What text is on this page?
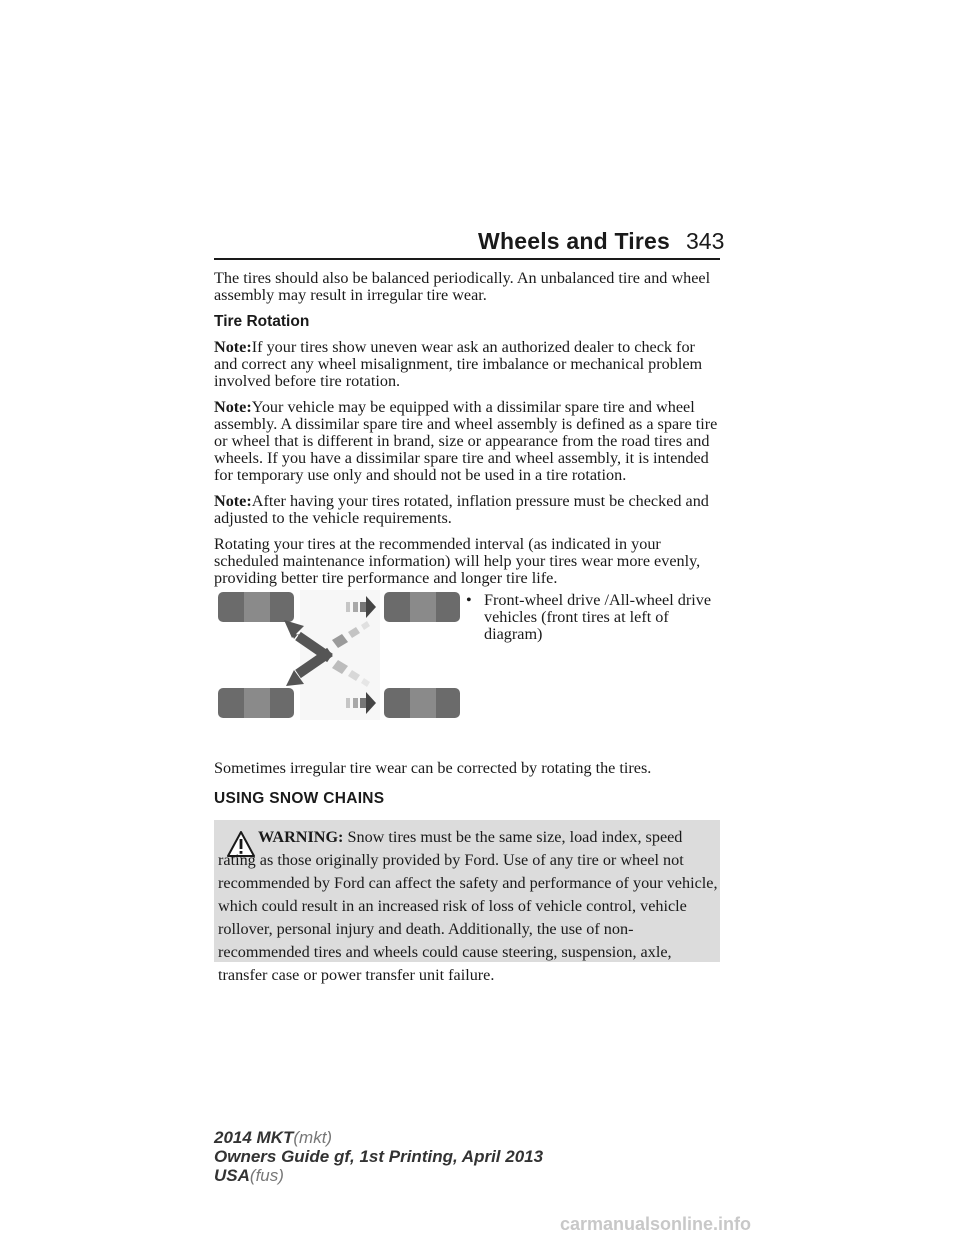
Wheels and Tires 343

The tires should also be balanced periodically. An unbalanced tire and wheel assembly may result in irregular tire wear.

Tire Rotation

Note:If your tires show uneven wear ask an authorized dealer to check for and correct any wheel misalignment, tire imbalance or mechanical problem involved before tire rotation.

Note:Your vehicle may be equipped with a dissimilar spare tire and wheel assembly. A dissimilar spare tire and wheel assembly is defined as a spare tire or wheel that is different in brand, size or appearance from the road tires and wheels. If you have a dissimilar spare tire and wheel assembly, it is intended for temporary use only and should not be used in a tire rotation.

Note:After having your tires rotated, inflation pressure must be checked and adjusted to the vehicle requirements.

Rotating your tires at the recommended interval (as indicated in your scheduled maintenance information) will help your tires wear more evenly, providing better tire performance and longer tire life.

• Front-wheel drive /All-wheel drive vehicles (front tires at left of diagram)
Sometimes irregular tire wear can be corrected by rotating the tires.
WARNING: Snow tires must be the same size, load index, speed rating as those originally provided by Ford. Use of any tire or wheel not recommended by Ford can affect the safety and performance of your vehicle, which could result in an increased risk of loss of vehicle control, vehicle rollover, personal injury and death. Additionally, the use of non-recommended tires and wheels could cause steering, suspension, axle, transfer case or power transfer unit failure.
2014 MKT(mkt)
Owners Guide gf, 1st Printing, April 2013
USA(fus)
carmanualsonline.info
USING SNOW CHAINS
